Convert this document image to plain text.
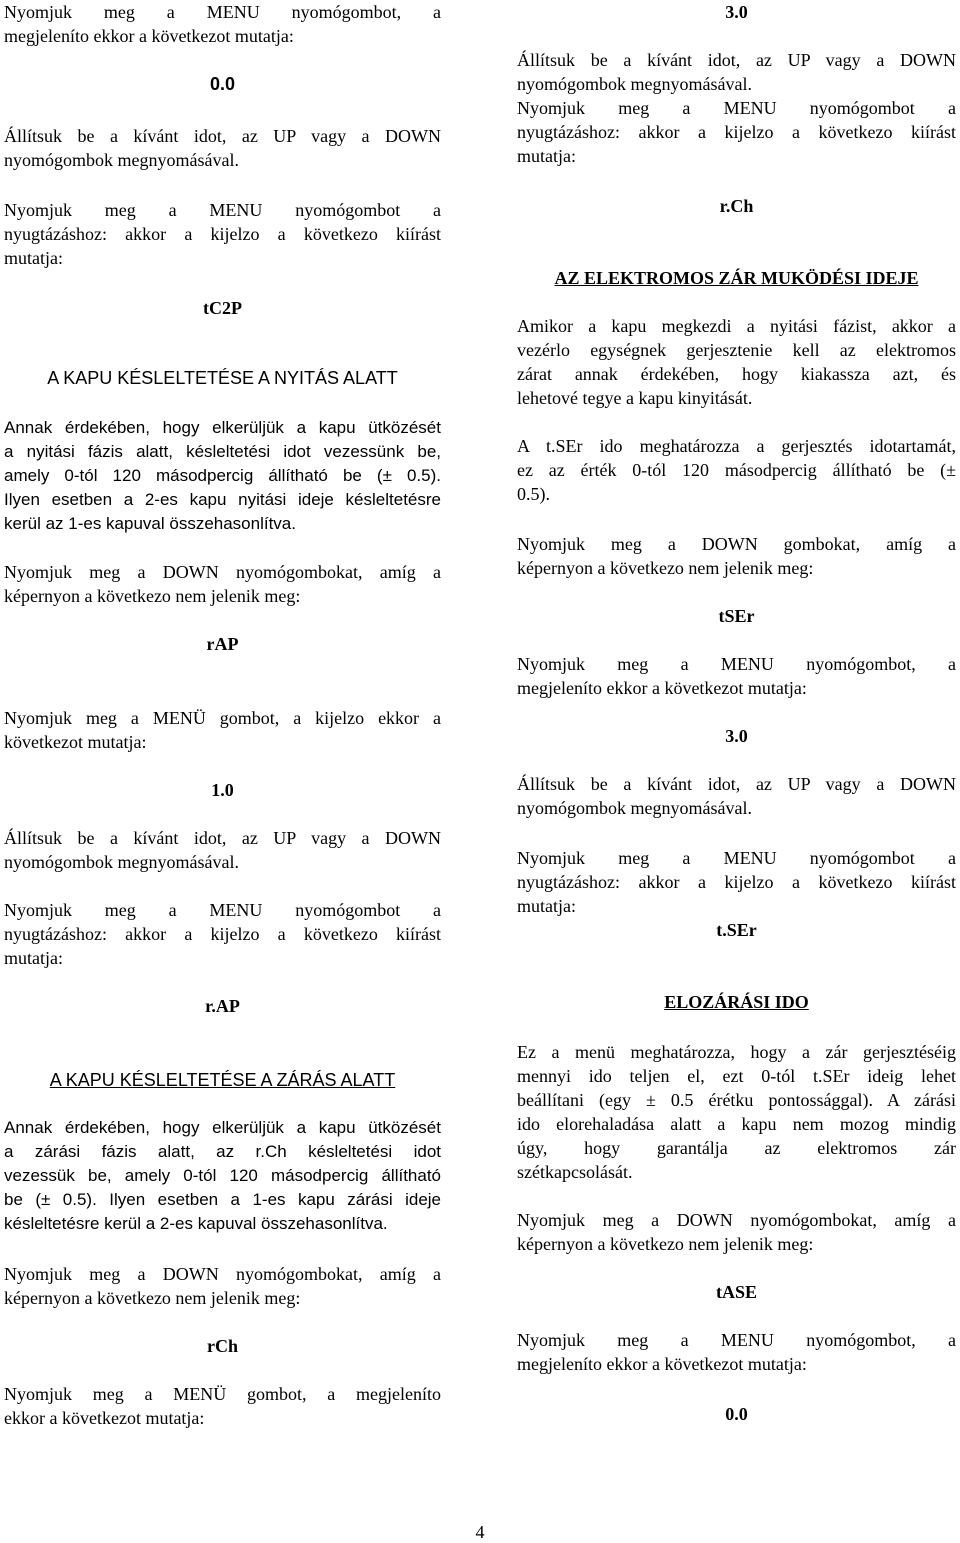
Nyomjuk meg a MENU nyomógombot, a
megjeleníto ekkor a következot mutatja:

0.0

Állítsuk be a kívánt idot, az UP vagy a DOWN
nyomógombok megnyomásával.

Nyomjuk meg a MENU nyomógombot a
nyugtázáshoz: akkor a kijelzo a következo kiírást
mutatja:

tC2P
A KAPU KÉSLELTETÉSE A NYITÁS ALATT

Annak érdekében, hogy elkerüljük a kapu ütközését
a nyitási fázis alatt, késleltetési idot vezessünk be,
amely 0-tól 120 másodpercig állítható be (± 0.5).
Ilyen esetben a 2-es kapu nyitási ideje késleltetésre
kerül az 1-es kapuval összehasonlítva.

Nyomjuk meg a DOWN nyomógombokat, amíg a
képernyon a következo nem jelenik meg:

rAP

Nyomjuk meg a MENÜ gombot, a kijelzo ekkor a
következot mutatja:

1.0

Állítsuk be a kívánt idot, az UP vagy a DOWN
nyomógombok megnyomásával.

Nyomjuk meg a MENU nyomógombot a
nyugtázáshoz: akkor a kijelzo a következo kiírást
mutatja:

r.AP
A KAPU KÉSLELTETÉSE A ZÁRÁS ALATT

Annak érdekében, hogy elkerüljük a kapu ütközését
a zárási fázis alatt, az r.Ch késleltetési idot
vezessük be, amely 0-tól 120 másodpercig állítható
be (± 0.5). Ilyen esetben a 1-es kapu zárási ideje
késleltetésre kerül a 2-es kapuval összehasonlítva.

Nyomjuk meg a DOWN nyomógombokat, amíg a
képernyon a következo nem jelenik meg:

rCh

Nyomjuk meg a MENÜ gombot, a megjeleníto
ekkor a következot mutatja:

3.0

Állítsuk be a kívánt idot, az UP vagy a DOWN
nyomógombok megnyomásával.
Nyomjuk meg a MENU nyomógombot a
nyugtázáshoz: akkor a kijelzo a következo kiírást
mutatja:

r.Ch
AZ ELEKTROMOS ZÁR MUKÖDÉSI IDEJE

Amikor a kapu megkezdi a nyitási fázist, akkor a
vezérlo egységnek gerjesztenie kell az elektromos
zárat annak érdekében, hogy kiakassza azt, és
lehetové tegye a kapu kinyitását.

A t.SEr ido meghatározza a gerjesztés idotartamát,
ez az érték 0-tól 120 másodpercig állítható be (±
0.5).

Nyomjuk meg a DOWN gombokat, amíg a
képernyon a következo nem jelenik meg:

tSEr

Nyomjuk meg a MENU nyomógombot, a
megjeleníto ekkor a következot mutatja:

3.0

Állítsuk be a kívánt idot, az UP vagy a DOWN
nyomógombok megnyomásával.

Nyomjuk meg a MENU nyomógombot a
nyugtázáshoz: akkor a kijelzo a következo kiírást
mutatja:

t.SEr
ELOZÁRÁSI IDO

Ez a menü meghatározza, hogy a zár gerjesztéséig
mennyi ido teljen el, ezt 0-tól t.SEr ideig lehet
beállítani (egy ± 0.5 érétku pontossággal). A zárási
ido elorehaladása alatt a kapu nem mozog mindig
úgy, hogy garantálja az elektromos zár
szétkapcsolását.

Nyomjuk meg a DOWN nyomógombokat, amíg a
képernyon a következo nem jelenik meg:

tASE

Nyomjuk meg a MENU nyomógombot, a
megjeleníto ekkor a következot mutatja:

0.0
4
